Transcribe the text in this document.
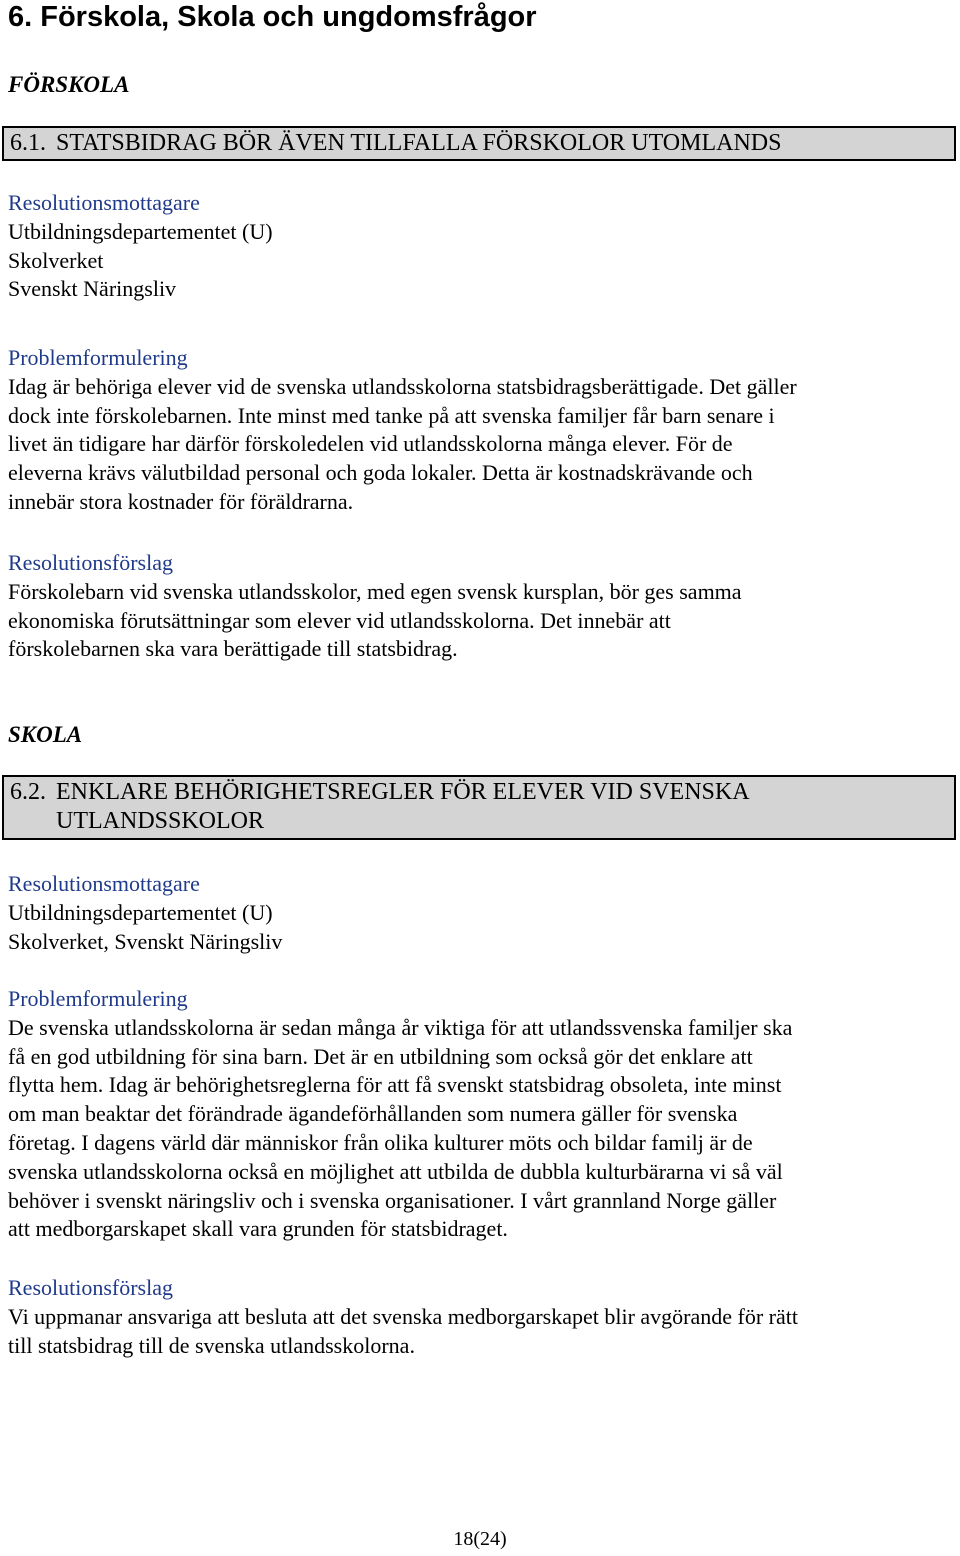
6. Förskola, Skola och ungdomsfrågor
FÖRSKOLA
6.1. STATSBIDRAG BÖR ÄVEN TILLFALLA FÖRSKOLOR UTOMLANDS

Resolutionsmottagare

Utbildningsdepartementet (U)

Skolverket

Svenskt Näringsliv

Problemformulering

Idag är behöriga elever vid de svenska utlandsskolorna statsbidragsberättigade. Det gäller

dock inte förskolebarnen. Inte minst med tanke på att svenska familjer får barn senare i

livet än tidigare har därför förskoledelen vid utlandsskolorna många elever. För de

eleverna krävs välutbildad personal och goda lokaler. Detta är kostnadskrävande och

innebär stora kostnader för föräldrarna.

Resolutionsförslag

Förskolebarn vid svenska utlandsskolor, med egen svensk kursplan, bör ges samma

ekonomiska förutsättningar som elever vid utlandsskolorna. Det innebär att

förskolebarnen ska vara berättigade till statsbidrag.

SKOLA
6.2. ENKLARE BEHÖRIGHETSREGLER FÖR ELEVER VID SVENSKA
UTLANDSSKOLOR

Resolutionsmottagare

Utbildningsdepartementet (U)

Skolverket, Svenskt Näringsliv

Problemformulering

De svenska utlandsskolorna är sedan många år viktiga för att utlandssvenska familjer ska

få en god utbildning för sina barn. Det är en utbildning som också gör det enklare att

flytta hem. Idag är behörighetsreglerna för att få svenskt statsbidrag obsoleta, inte minst

om man beaktar det förändrade ägandeförhållanden som numera gäller för svenska

företag. I dagens värld där människor från olika kulturer möts och bildar familj är de

svenska utlandsskolorna också en möjlighet att utbilda de dubbla kulturbärarna vi så väl

behöver i svenskt näringsliv och i svenska organisationer. I vårt grannland Norge gäller

att medborgarskapet skall vara grunden för statsbidraget.

Resolutionsförslag

Vi uppmanar ansvariga att besluta att det svenska medborgarskapet blir avgörande för rätt

till statsbidrag till de svenska utlandsskolorna.

18(24)
